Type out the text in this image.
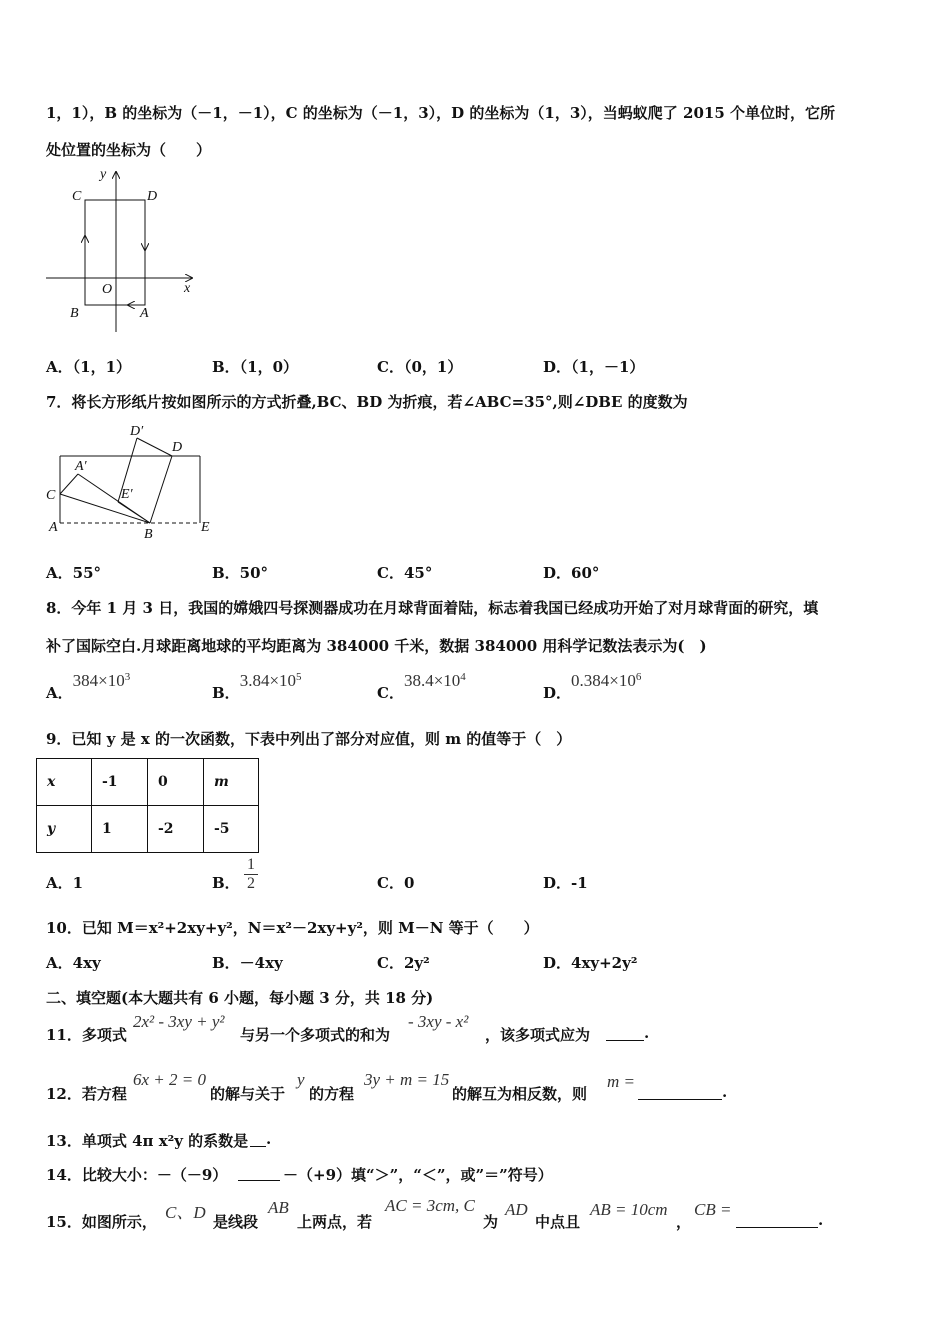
1，1），B 的坐标为（－1，－1），C 的坐标为（－1，3），D 的坐标为（1，3），当蚂蚁爬了 2015 个单位时，它所
处位置的坐标为（　　）
y
C	D
O	x
B	A
A．（1，1）	B．（1，0）	C．（0，1）	D．（1，－1）
7．将长方形纸片按如图所示的方式折叠,BC、BD 为折痕，若∠ABC=35°,则∠DBE 的度数为
D′
D
A′
C	E′
A	B	E
A．55°	B．50°	C．45°	D．60°
8．今年 1 月 3 日，我国的嫦娥四号探测器成功在月球背面着陆，标志着我国已经成功开始了对月球背面的研究，填
补了国际空白.月球距离地球的平均距离为 384000 千米，数据 384000 用科学记数法表示为(　)
A．$384\times 10^3$
B．$3.84\times 10^5$
C．$38.4\times 10^4$
D．$0.384\times 10^6$
9．已知 y 是 x 的一次函数，下表中列出了部分对应值，则 m 的值等于（　）
x	-1	0	m
y	1	-2	-5
A．1	B． $\frac{1}{2}$	C．0	D．-1
10．已知 M＝x²+2xy+y²，N＝x²－2xy+y²，则 M－N 等于（　　）
A．4xy	B．－4xy	C．2y²	D．4xy+2y²
二、填空题(本大题共有 6 小题，每小题 3 分，共 18 分)
11．多项式
2x² - 3xy + y²
与另一个多项式的和为
- 3xy - x²
，该多项式应为	.
12．若方程
6x + 2 = 0
的解与关于
y
的方程
3y + m = 15
的解互为相反数，则
m =
.
13．单项式 4π x²y 的系数是 .
14．比较大小：－（－9）	－（+9）填“＞”，“＜”，或”＝”符号）
15．如图所示， C、D 是线段
AB
上两点，若
AC = 3cm, C
为
AD
中点且
AB = 10cm
，
CB =
.
